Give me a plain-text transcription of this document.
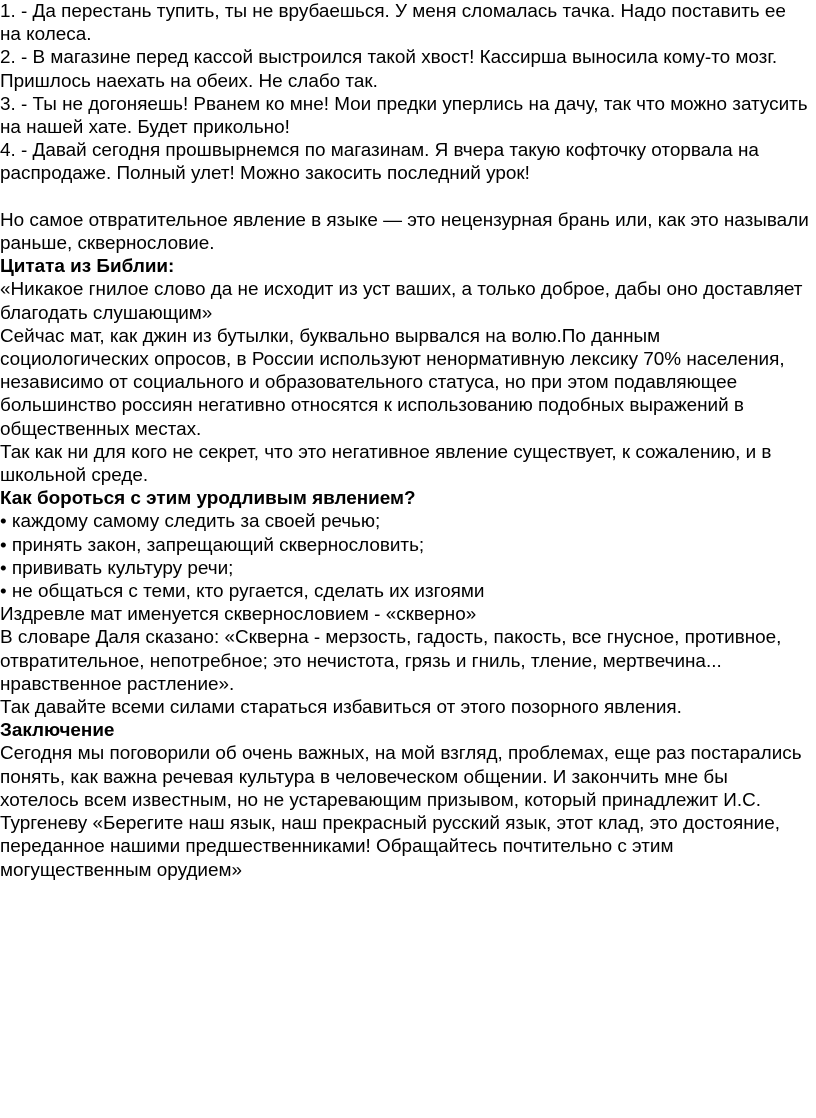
1. - Да перестань тупить, ты не врубаешься. У меня сломалась тачка. Надо поставить ее на колеса.

2. - В магазине перед кассой выстроился такой хвост! Кассирша выносила кому-то мозг. Пришлось наехать на обеих. Не слабо так.

3. - Ты не догоняешь! Рванем ко мне! Мои предки уперлись на дачу, так что можно затусить на нашей хате. Будет прикольно!

4. - Давай сегодня прошвырнемся по магазинам. Я вчера такую кофточку оторвала на распродаже. Полный улет! Можно закосить последний урок!

Но самое отвратительное явление в языке — это нецензурная брань или, как это называли раньше, сквернословие.

Цитата из Библии:

«Никакое гнилое слово да не исходит из уст ваших, а только доброе, дабы оно доставляет благодать слушающим»

Сейчас мат, как джин из бутылки, буквально вырвался на волю.По данным социологических опросов, в России используют ненормативную лексику 70% населения, независимо от социального и образовательного статуса, но при этом подавляющее большинство россиян негативно относятся к использованию подобных выражений в общественных местах.

Так как ни для кого не секрет, что это негативное явление существует, к сожалению, и в школьной среде.

Как бороться с этим уродливым явлением?

• каждому самому следить за своей речью;

• принять закон, запрещающий сквернословить;

• прививать культуру речи;

• не общаться с теми, кто ругается, сделать их изгоями

Издревле мат именуется сквернословием - «скверно»

В словаре Даля сказано: «Скверна - мерзость, гадость, пакость, все гнусное, противное, отвратительное, непотребное; это нечистота, грязь и гниль, тление, мертвечина... нравственное растление».

Так давайте всеми силами стараться избавиться от этого позорного явления.

Заключение

Сегодня мы поговорили об очень важных, на мой взгляд, проблемах, еще раз постарались понять, как важна речевая культура в человеческом общении. И закончить мне бы хотелось всем известным, но не устаревающим призывом, который принадлежит И.С. Тургеневу «Берегите наш язык, наш прекрасный русский язык, этот клад, это достояние, переданное нашими предшественниками! Обращайтесь почтительно с этим могущественным орудием»
